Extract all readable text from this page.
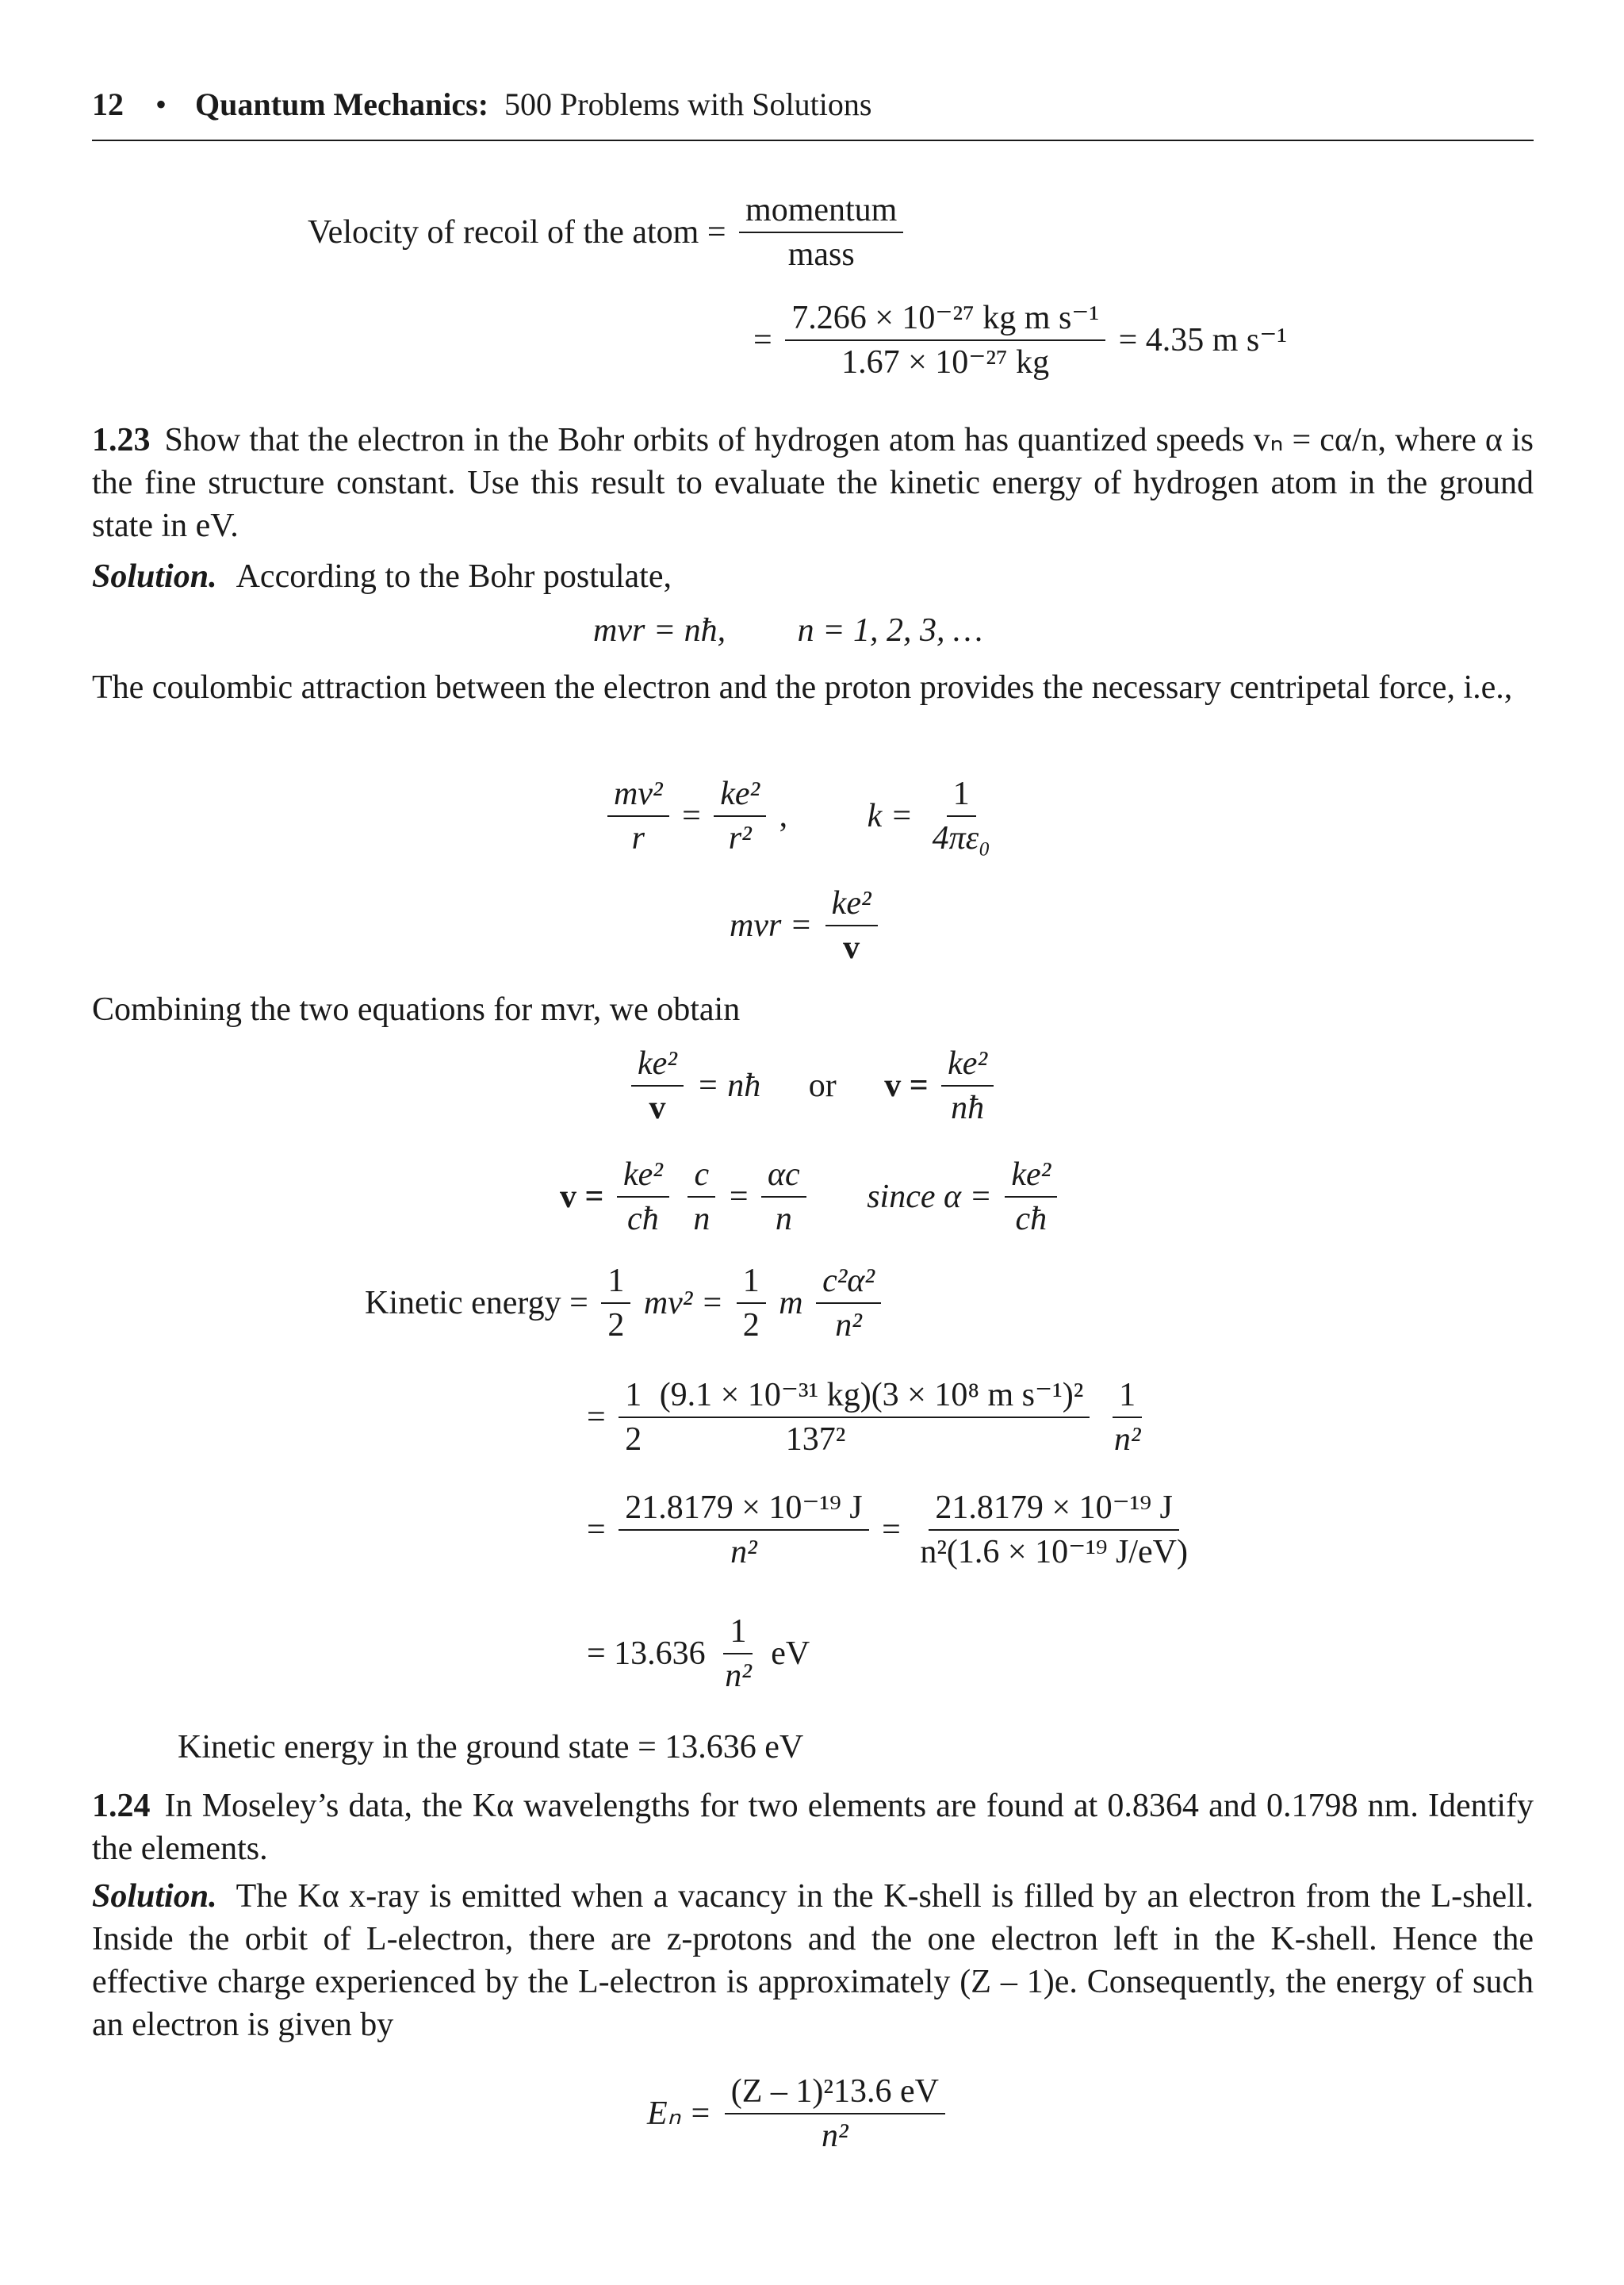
12 • Quantum Mechanics: 500 Problems with Solutions
Velocity of recoil of the atom = $\frac{\text{momentum}}{\text{mass}}$
= $\frac{\text{7.266 × 10⁻²⁷ kg m s⁻¹}}{\text{1.67 × 10⁻²⁷ kg}} = 4.35$ m s⁻¹
1.23 Show that the electron in the Bohr orbits of hydrogen atom has quantized speeds vₙ = cα/n, where α is the fine structure constant. Use this result to evaluate the kinetic energy of hydrogen atom in the ground state in eV.
Solution. According to the Bohr postulate,
mvr = nħ, n = 1, 2, 3, …
The coulombic attraction between the electron and the proton provides the necessary centripetal force, i.e.,
$\frac{\text{mv²}}{r} = \frac{\text{ke²}}{\text{r²}}$ , $k = \frac{1}{\text{4πε₀}}$
mvr = $\frac{\text{ke²}}{v}$
Combining the two equations for mvr, we obtain
$\frac{\text{ke²}}{v}$ = nħ or $v = \frac{\text{ke²}}{nħ}$
$v = \frac{\text{ke²}}{cħ}$
$\frac{c}{n} = \frac{\alpha c}{n}$ since $\alpha = \frac{\text{ke²}}{cħ}$
Kinetic energy = $\frac{1}{2} mv^2 = \frac{1}{2}$ m $\frac{\text{c²α²}}{\text{n²}}$
= 1 (9.1 × 10⁻³¹ kg)(3 × 10⁸ m s⁻¹)²
2	137²
$\frac{1}{\text{n²}}$
= $\frac{\text{21.8179 × 10⁻¹⁹ J}}{\text{n²}} = \frac{\text{21.8179 × 10⁻¹⁹ J}}{\text{n²(1.6 × 10⁻¹⁹ J/eV)}}$
= $13.636 \frac{1}{\text{n²}}$ eV
Kinetic energy in the ground state = 13.636 eV
1.24 In Moseley’s data, the Kα wavelengths for two elements are found at 0.8364 and 0.1798 nm. Identify the elements.
Solution. The Kα x-ray is emitted when a vacancy in the K-shell is filled by an electron from the L-shell. Inside the orbit of L-electron, there are z-protons and the one electron left in the K-shell. Hence the effective charge experienced by the L-electron is approximately (Z – 1)e. Consequently, the energy of such an electron is given by
$E_n = \frac{\text{(Z – 1)²13.6 eV}}{\text{n²}}$
